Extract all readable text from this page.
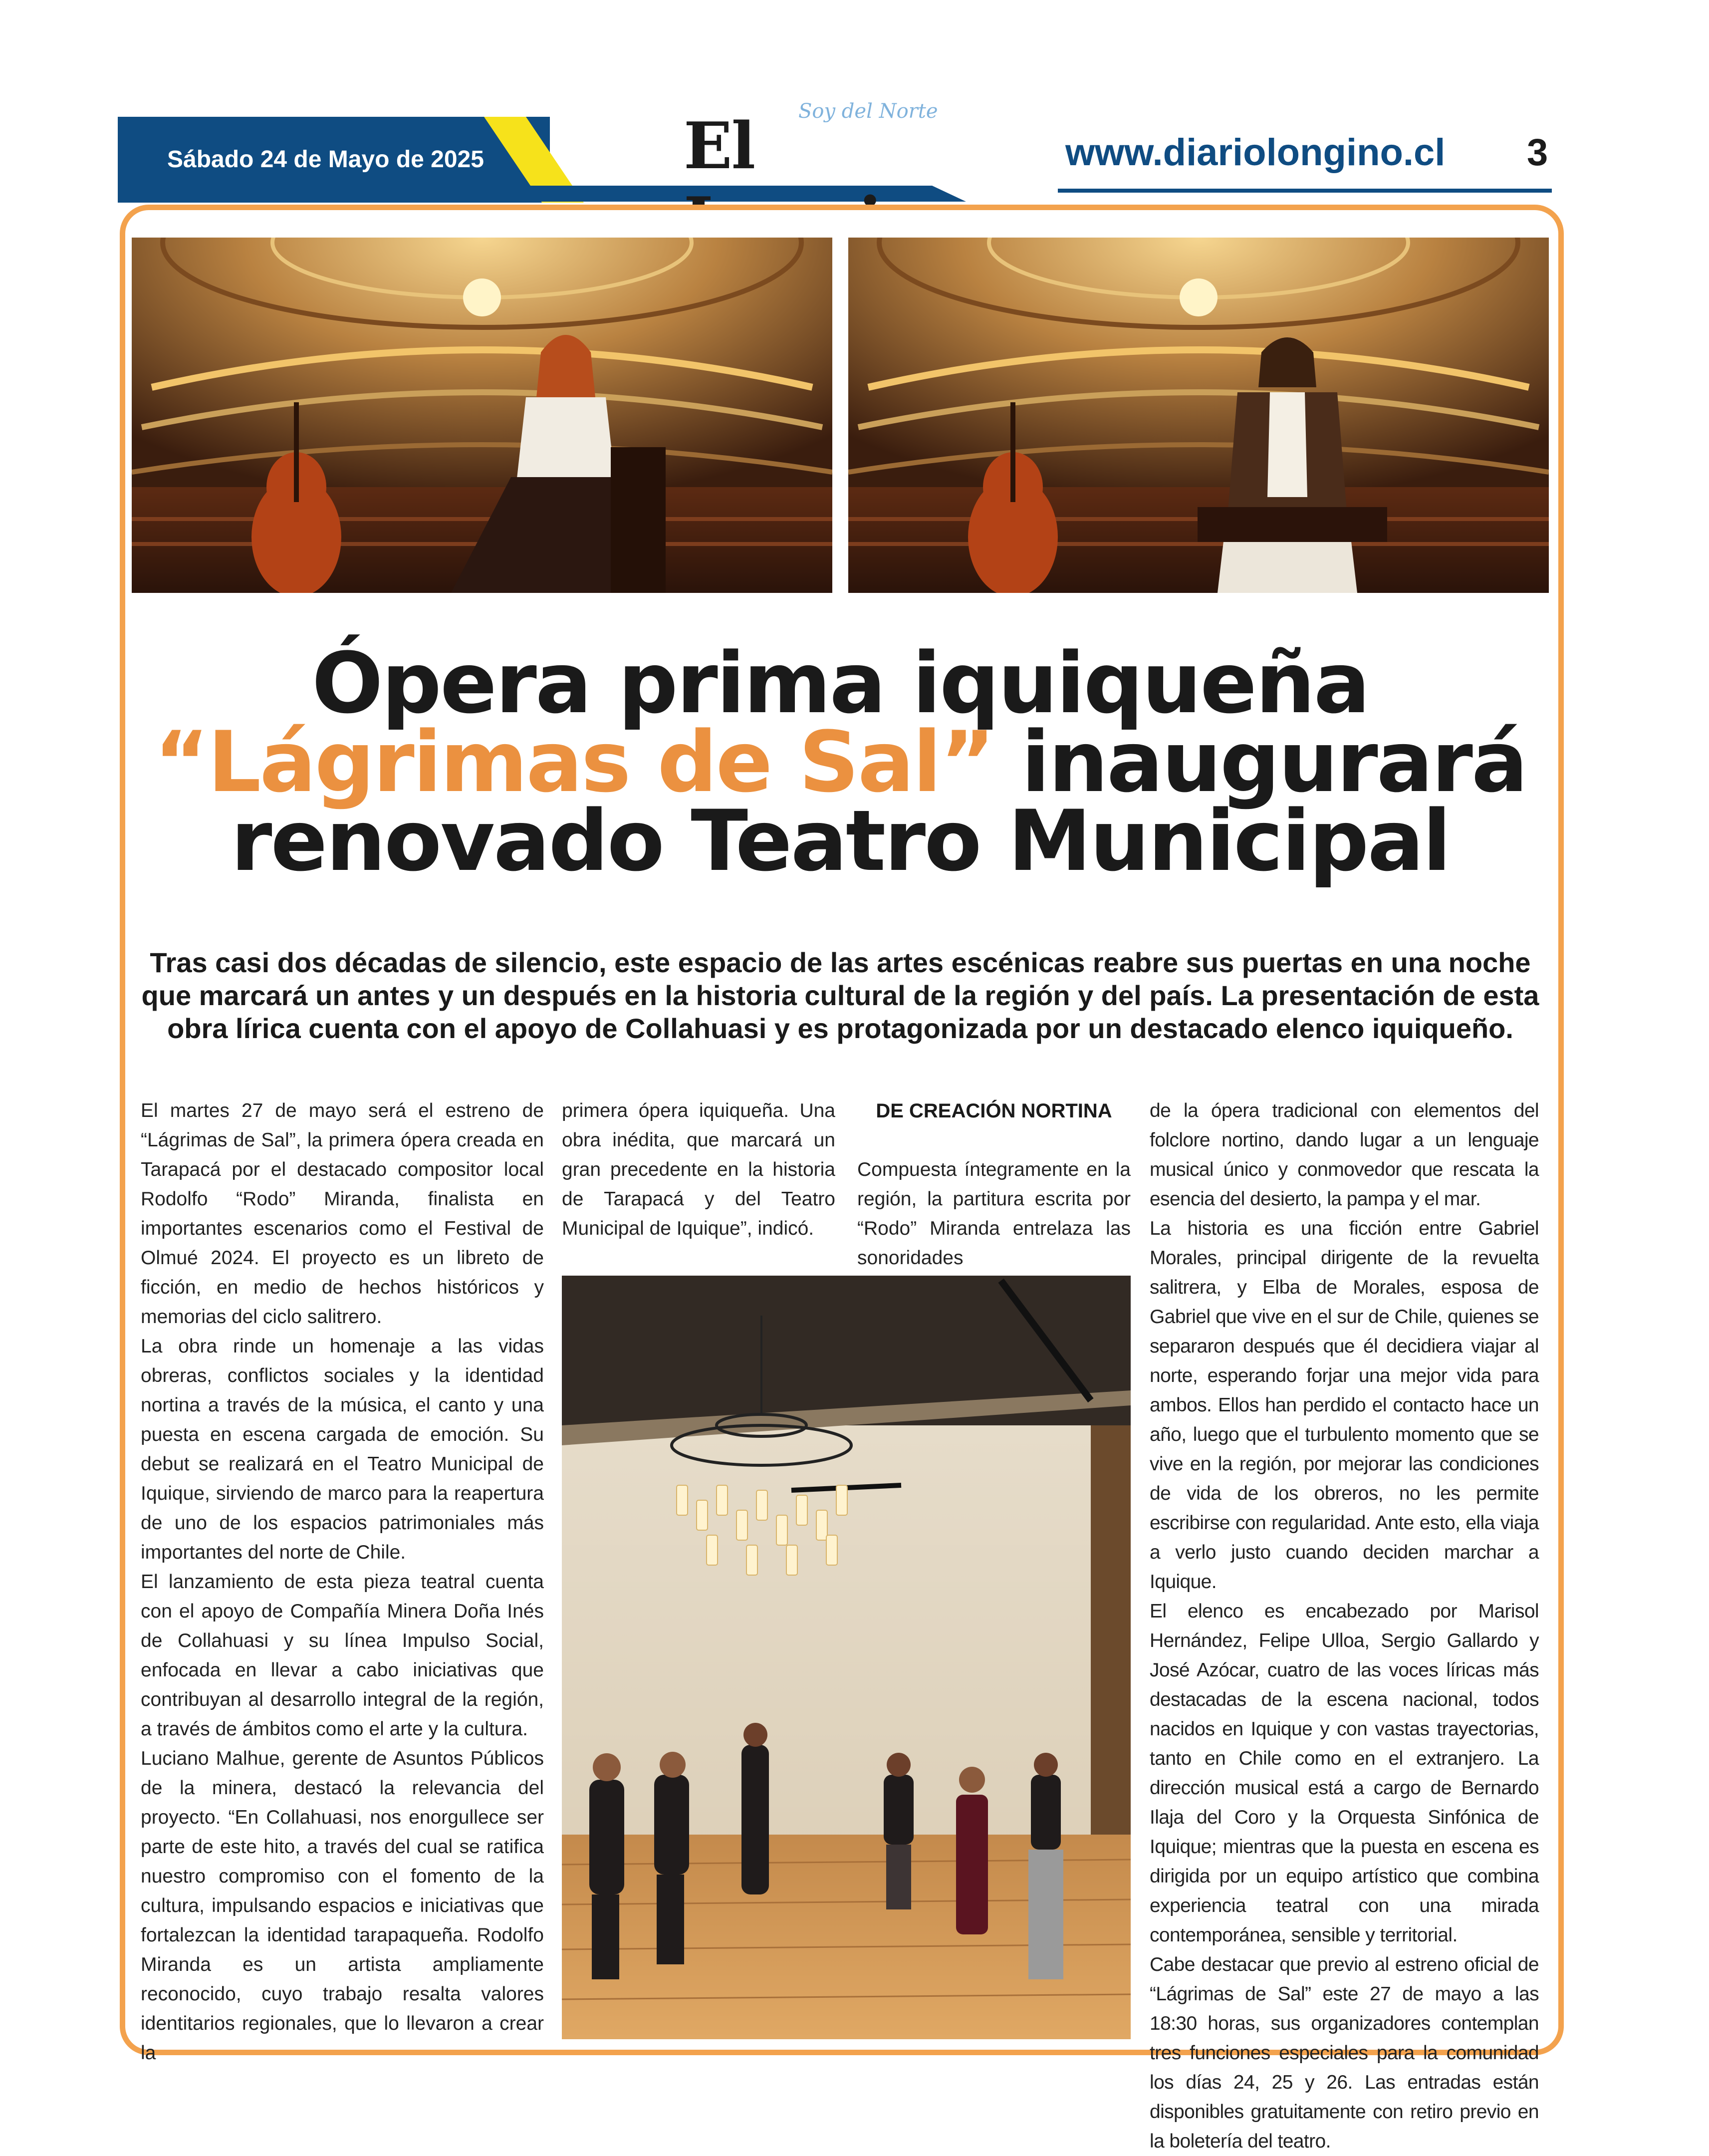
Sábado 24 de Mayo de 2025
Soy del Norte
El	www.diariolongino.cl 3
Ópera prima iquiqueña
“Lágrimas de Sal” inaugurará
renovado Teatro Municipal
Tras casi dos décadas de silencio, este espacio de las artes escénicas reabre sus puertas en una noche que marcará un antes y un después en la historia cultural de la región y del país. La presentación de esta obra lírica cuenta con el apoyo de Collahuasi y es protagonizada por un destacado elenco iquiqueño.

El martes 27 de mayo será el estreno de “Lágrimas de Sal”, la primera ópera creada en Tarapacá por el destacado compositor local Rodolfo “Rodo” Miranda, finalista en importantes escenarios como el Festival de Olmué 2024. El proyecto es un libreto de ficción, en medio de hechos históricos y memorias del ciclo salitrero.

La obra rinde un homenaje a las vidas obreras, conflictos sociales y la identidad nortina a través de la música, el canto y una puesta en escena cargada de emoción. Su debut se realizará en el Teatro Municipal de Iquique, sirviendo de marco para la reapertura de uno de los espacios patrimoniales más importantes del norte de Chile.

El lanzamiento de esta pieza teatral cuenta con el apoyo de Compañía Minera Doña Inés de Collahuasi y su línea Impulso Social, enfocada en llevar a cabo iniciativas que contribuyan al desarrollo integral de la región, a través de ámbitos como el arte y la cultura.

Luciano Malhue, gerente de Asuntos Públicos de la minera, destacó la relevancia del proyecto. “En Collahuasi, nos enorgullece ser parte de este hito, a través del cual se ratifica nuestro compromiso con el fomento de la cultura, impulsando espacios e iniciativas que fortalezcan la identidad tarapaqueña. Rodolfo Miranda es un artista ampliamente reconocido, cuyo trabajo resalta valores identitarios regionales, que lo llevaron a crear la

primera ópera iquiqueña. Una obra inédita, que marcará un gran precedente en la historia de Tarapacá y del Teatro Municipal de Iquique”, indicó.

DE CREACIÓN NORTINA

Compuesta íntegramente en la región, la partitura escrita por “Rodo” Miranda entrelaza las sonoridades

de la ópera tradicional con elementos del folclore nortino, dando lugar a un lenguaje musical único y conmovedor que rescata la esencia del desierto, la pampa y el mar.

La historia es una ficción entre Gabriel Morales, principal dirigente de la revuelta salitrera, y Elba de Morales, esposa de Gabriel que vive en el sur de Chile, quienes se separaron después que él decidiera viajar al norte, esperando forjar una mejor vida para ambos. Ellos han perdido el contacto hace un año, luego que el turbulento momento que se vive en la región, por mejorar las condiciones de vida de los obreros, no les permite escribirse con regularidad. Ante esto, ella viaja a verlo justo cuando deciden marchar a Iquique.

El elenco es encabezado por Marisol Hernández, Felipe Ulloa, Sergio Gallardo y José Azócar, cuatro de las voces líricas más destacadas de la escena nacional, todos nacidos en Iquique y con vastas trayectorias, tanto en Chile como en el extranjero. La dirección musical está a cargo de Bernardo Ilaja del Coro y la Orquesta Sinfónica de Iquique; mientras que la puesta en escena es dirigida por un equipo artístico que combina experiencia teatral con una mirada contemporánea, sensible y territorial.

Cabe destacar que previo al estreno oficial de “Lágrimas de Sal” este 27 de mayo a las 18:30 horas, sus organizadores contemplan tres funciones especiales para la comunidad los días 24, 25 y 26. Las entradas están disponibles gratuitamente con retiro previo en la boletería del teatro.
